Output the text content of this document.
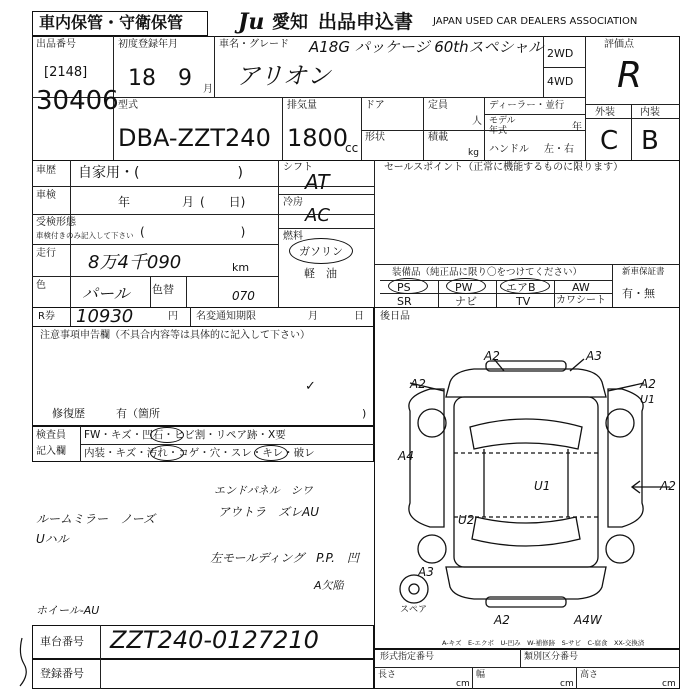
車内保管・守衛保管 Ju 愛知 出品申込書 JAPAN USED CAR DEALERS ASSOCIATION
出品番号
[2148]
30406
初度登録年月
18 9 月
車名・グレード A18G パッケージ 60thスペシャル
アリオン
2WD
4WD
評価点
R
外装	内装
C B
型式
DBA-ZZT240
排気量
1800
cc
ドア	定員
人
形状	積載
kg
ディーラー・並行
モデル
年式	年
ハンドル 左・右
車歴 自家用・(　　　　　　　)
車検	年	月 (　　日)
受検形態
車検付きのみ記入して下さい (　　　　　　　　)
走行 8万4千090	km
色 パール 色替	070
シフト
AT
冷房
AC
燃料
ガソリン
軽　油
セールスポイント（正常に機能するものに限ります）
装備品（純正品に限り〇をつけてください）
PS	PW	エアB	AW
SR	ナビ	TV	カワシート
新車保証書
有・無
R券 10930	円 名変通知期限	月	日
注意事項申告欄（不具合内容等は具体的に記入して下さい）
修復歴	有（箇所	)
✓
後日品
検査員
記入欄
FW・キズ・凹石・ヒビ割・リペア跡・X要
内装・キズ・汚れ・コゲ・穴・スレ・キレ・破レ
ルームミラー　ノーズ
Uハル
エンドパネル　シワ
アウトラ　ズレAU
左モールディング　P.P.　凹
A欠陥
ホイール-AU
A2	A3
A2	A2
U1
A4
U1
U2
A3
A2
A2	A4W
スペア
A-キズ　E-エクボ　U-凹み　W-補修跡　S-サビ　C-腐食　XX-交換済
車台番号 ZZT240-0127210
登録番号
形式指定番号	類別区分番号
長さ
cm
幅
cm
高さ
cm
